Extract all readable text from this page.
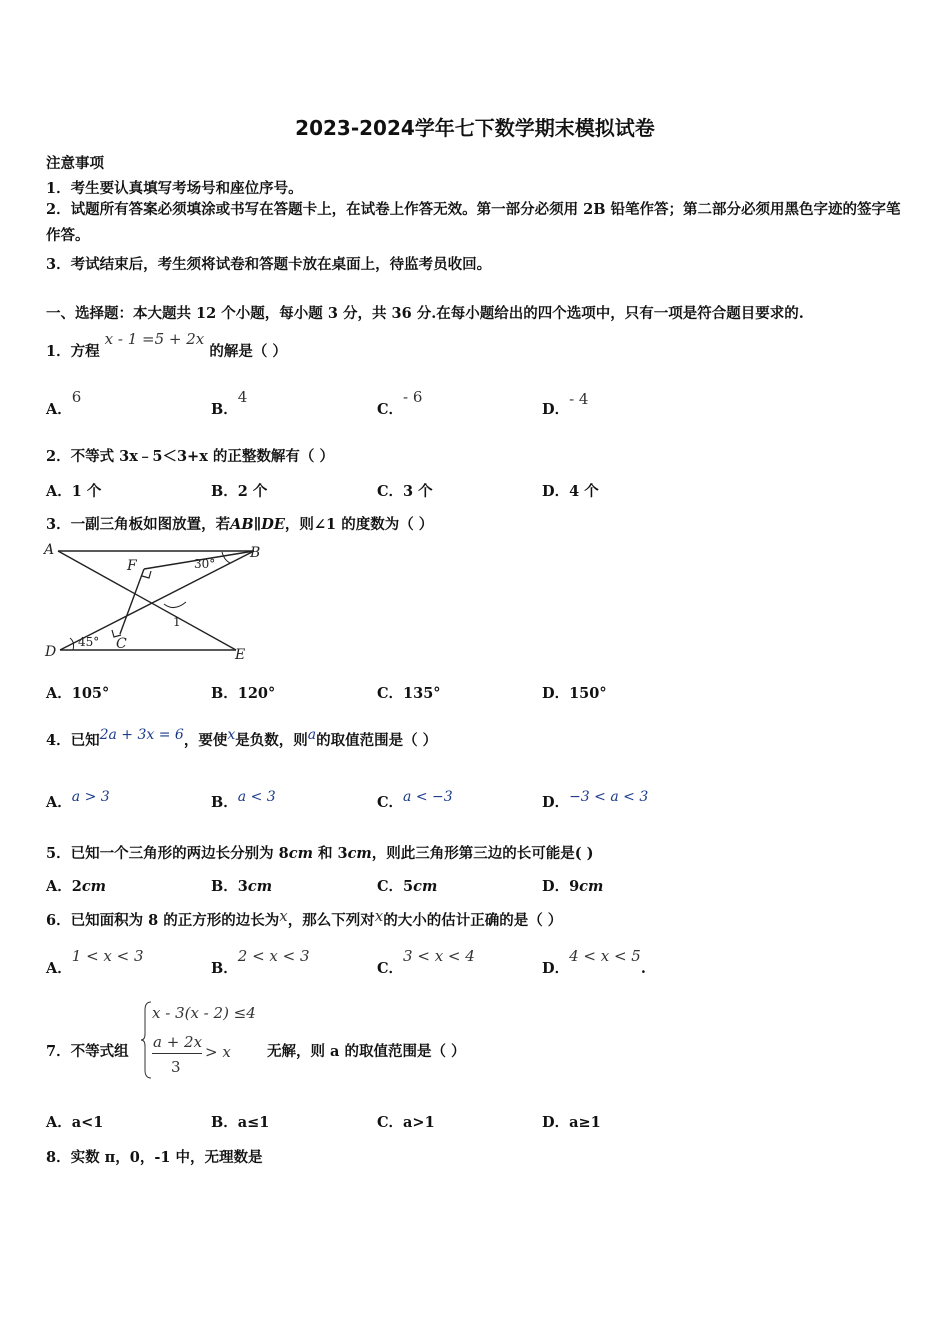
2023-2024学年七下数学期末模拟试卷
注意事项
1．考生要认真填写考场号和座位序号。
2．试题所有答案必须填涂或书写在答题卡上，在试卷上作答无效。第一部分必须用 2B 铅笔作答；第二部分必须用黑色字迹的签字笔作答。
3．考试结束后，考生须将试卷和答题卡放在桌面上，待监考员收回。
一、选择题：本大题共 12 个小题，每小题 3 分，共 36 分.在每小题给出的四个选项中，只有一项是符合题目要求的.
1．方程 x - 1 =5 + 2x 的解是（ ）
A．6
B．4
C．- 6
D．- 4
2．不等式 3x﹣5＜3+x 的正整数解有（ ）
A．1 个	B．2 个	C．3 个	D．4 个
3．一副三角板如图放置，若AB∥DE，则∠1 的度数为（ ）
A	B
D	E
F
C
30°
45°
1
A．105°	B．120°	C．135°	D．150°
4．已知2a + 3x = 6，要使x是负数，则a的取值范围是（ ）
A．a > 3	B．a < 3	C．a < −3	D．−3 < a < 3
5．已知一个三角形的两边长分别为 8cm 和 3cm，则此三角形第三边的长可能是( )
A．2cm	B．3cm	C．5cm	D．9cm
6．已知面积为 8 的正方形的边长为x，那么下列对x的大小的估计正确的是（ ）
A．1 < x < 3
B．2 < x < 3
C．3 < x < 4
D．4 < x < 5.
7．不等式组
x - 3(x - 2) ≤4
a + 2x
3
> x 无解，则 a 的取值范围是（ ）
A．a<1	B．a≤1	C．a>1	D．a≥1
8．实数 π，0，-1 中，无理数是
